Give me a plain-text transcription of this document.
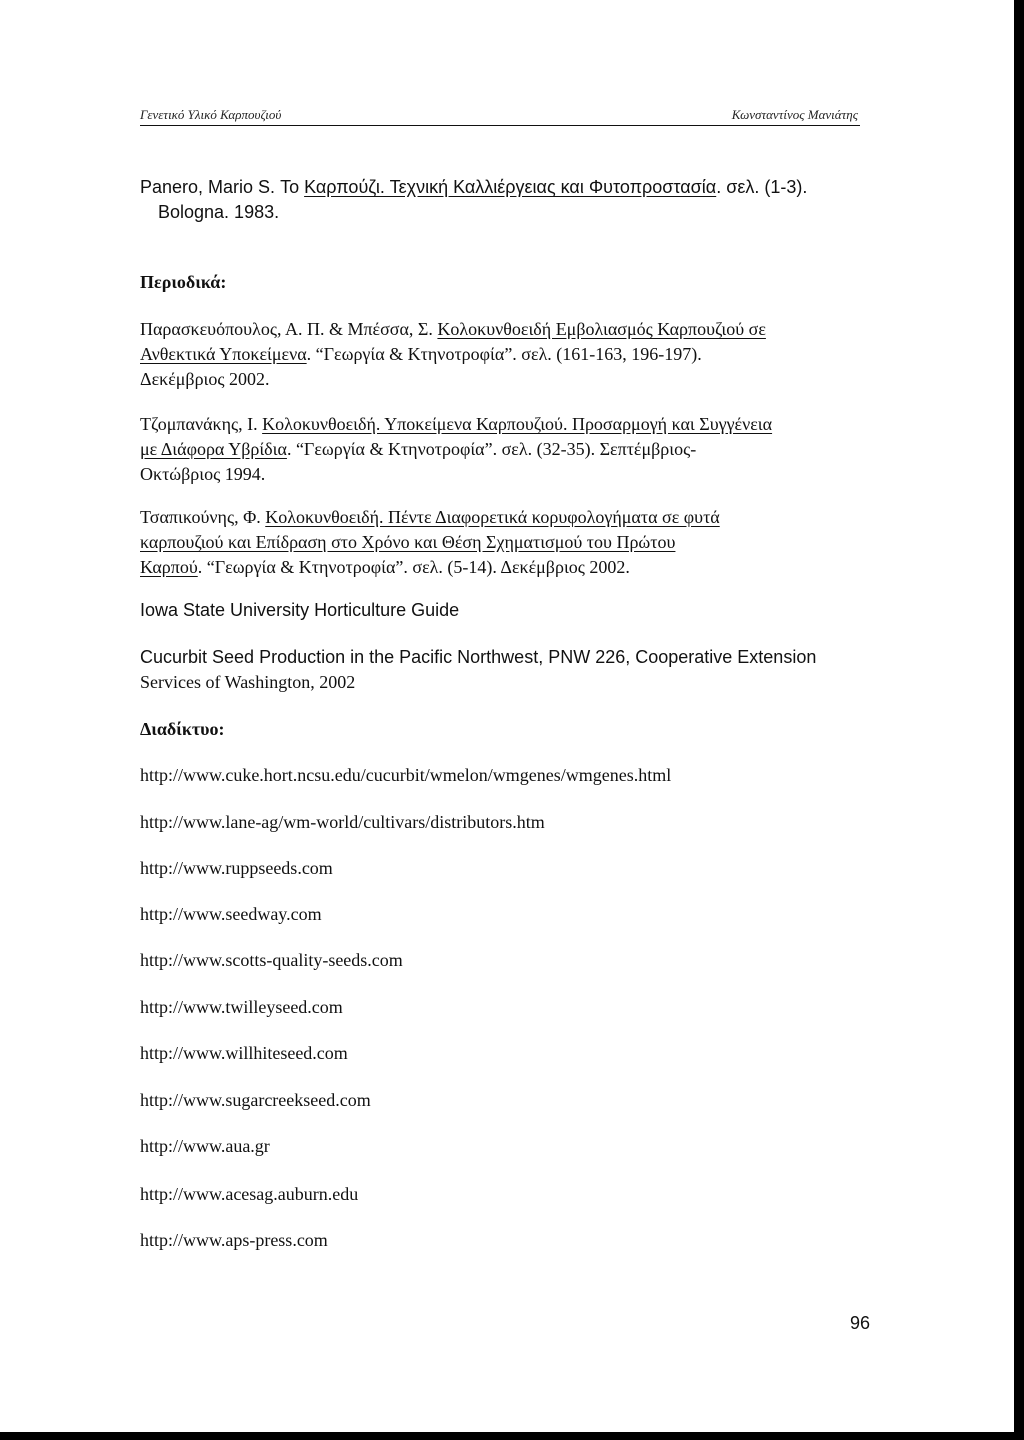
Γενετικό Υλικό Καρπουζιού	Κωνσταντίνος Μανιάτης
Panero, Mario S. Το Καρπούζι. Τεχνική Καλλιέργειας και Φυτοπροστασία. σελ. (1-3).
Bologna. 1983.
Περιοδικά:
Παρασκευόπουλος, Α. Π. & Μπέσσα, Σ. Κολοκυνθοειδή Εμβολιασμός Καρπουζιού σε
Ανθεκτικά Υποκείμενα. “Γεωργία & Κτηνοτροφία”. σελ. (161-163, 196-197).
Δεκέμβριος 2002.
Τζομπανάκης, Ι. Κολοκυνθοειδή. Υποκείμενα Καρπουζιού. Προσαρμογή και Συγγένεια
με Διάφορα Υβρίδια. “Γεωργία & Κτηνοτροφία”. σελ. (32-35). Σεπτέμβριος-
Οκτώβριος 1994.
Τσαπικούνης, Φ. Κολοκυνθοειδή. Πέντε Διαφορετικά κορυφολογήματα σε φυτά
καρπουζιού και Επίδραση στο Χρόνο και Θέση Σχηματισμού του Πρώτου
Καρπού. “Γεωργία & Κτηνοτροφία”. σελ. (5-14). Δεκέμβριος 2002.
Iowa State University Horticulture Guide
Cucurbit Seed Production in the Pacific Northwest, PNW 226, Cooperative Extension
Services of Washington, 2002
Διαδίκτυο:
http://www.cuke.hort.ncsu.edu/cucurbit/wmelon/wmgenes/wmgenes.html
http://www.lane-ag/wm-world/cultivars/distributors.htm
http://www.ruppseeds.com
http://www.seedway.com
http://www.scotts-quality-seeds.com
http://www.twilleyseed.com
http://www.willhiteseed.com
http://www.sugarcreekseed.com
http://www.aua.gr
http://www.acesag.auburn.edu
http://www.aps-press.com
96
